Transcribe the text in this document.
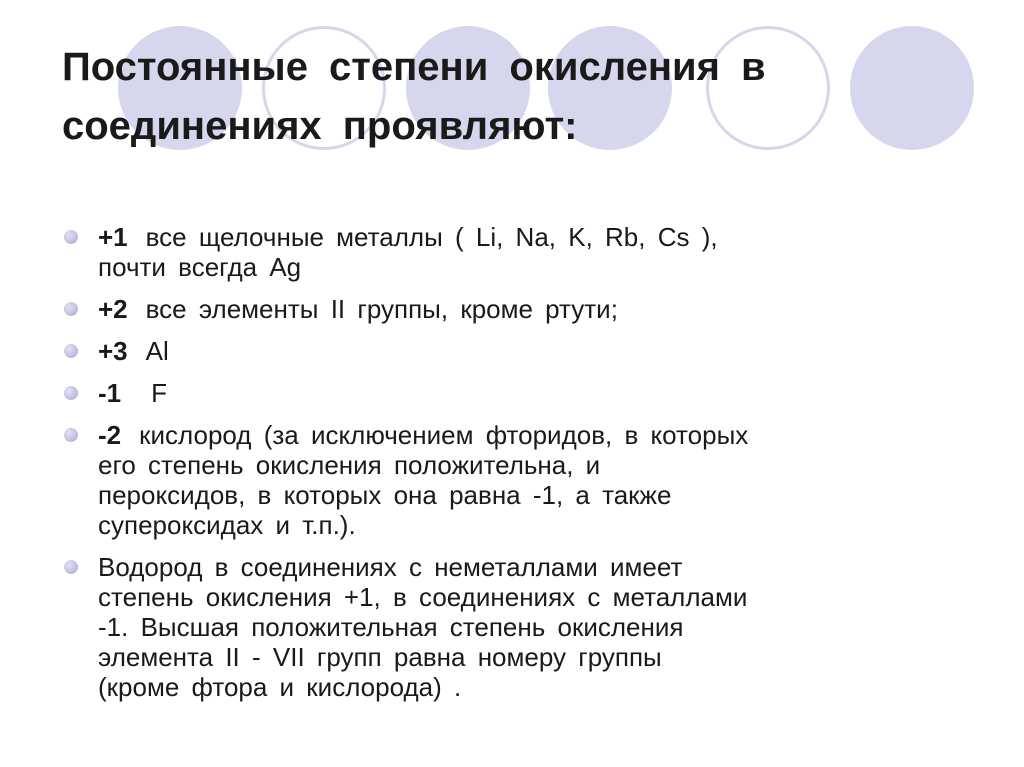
Постоянные степени окисления в
соединениях проявляют:
+1 все щелочные металлы ( Li, Na, K, Rb, Cs ),
почти всегда Ag
+2 все элементы II группы, кроме ртути;
+3 Al
-1 F
-2 кислород (за исключением фторидов, в которых
его степень окисления положительна, и
пероксидов, в которых она равна -1, а также
супероксидах и т.п.).
Водород в соединениях с неметаллами имеет
степень окисления +1, в соединениях с металлами
-1. Высшая положительная степень окисления
элемента II - VII групп равна номеру группы
(кроме фтора и кислорода) .
